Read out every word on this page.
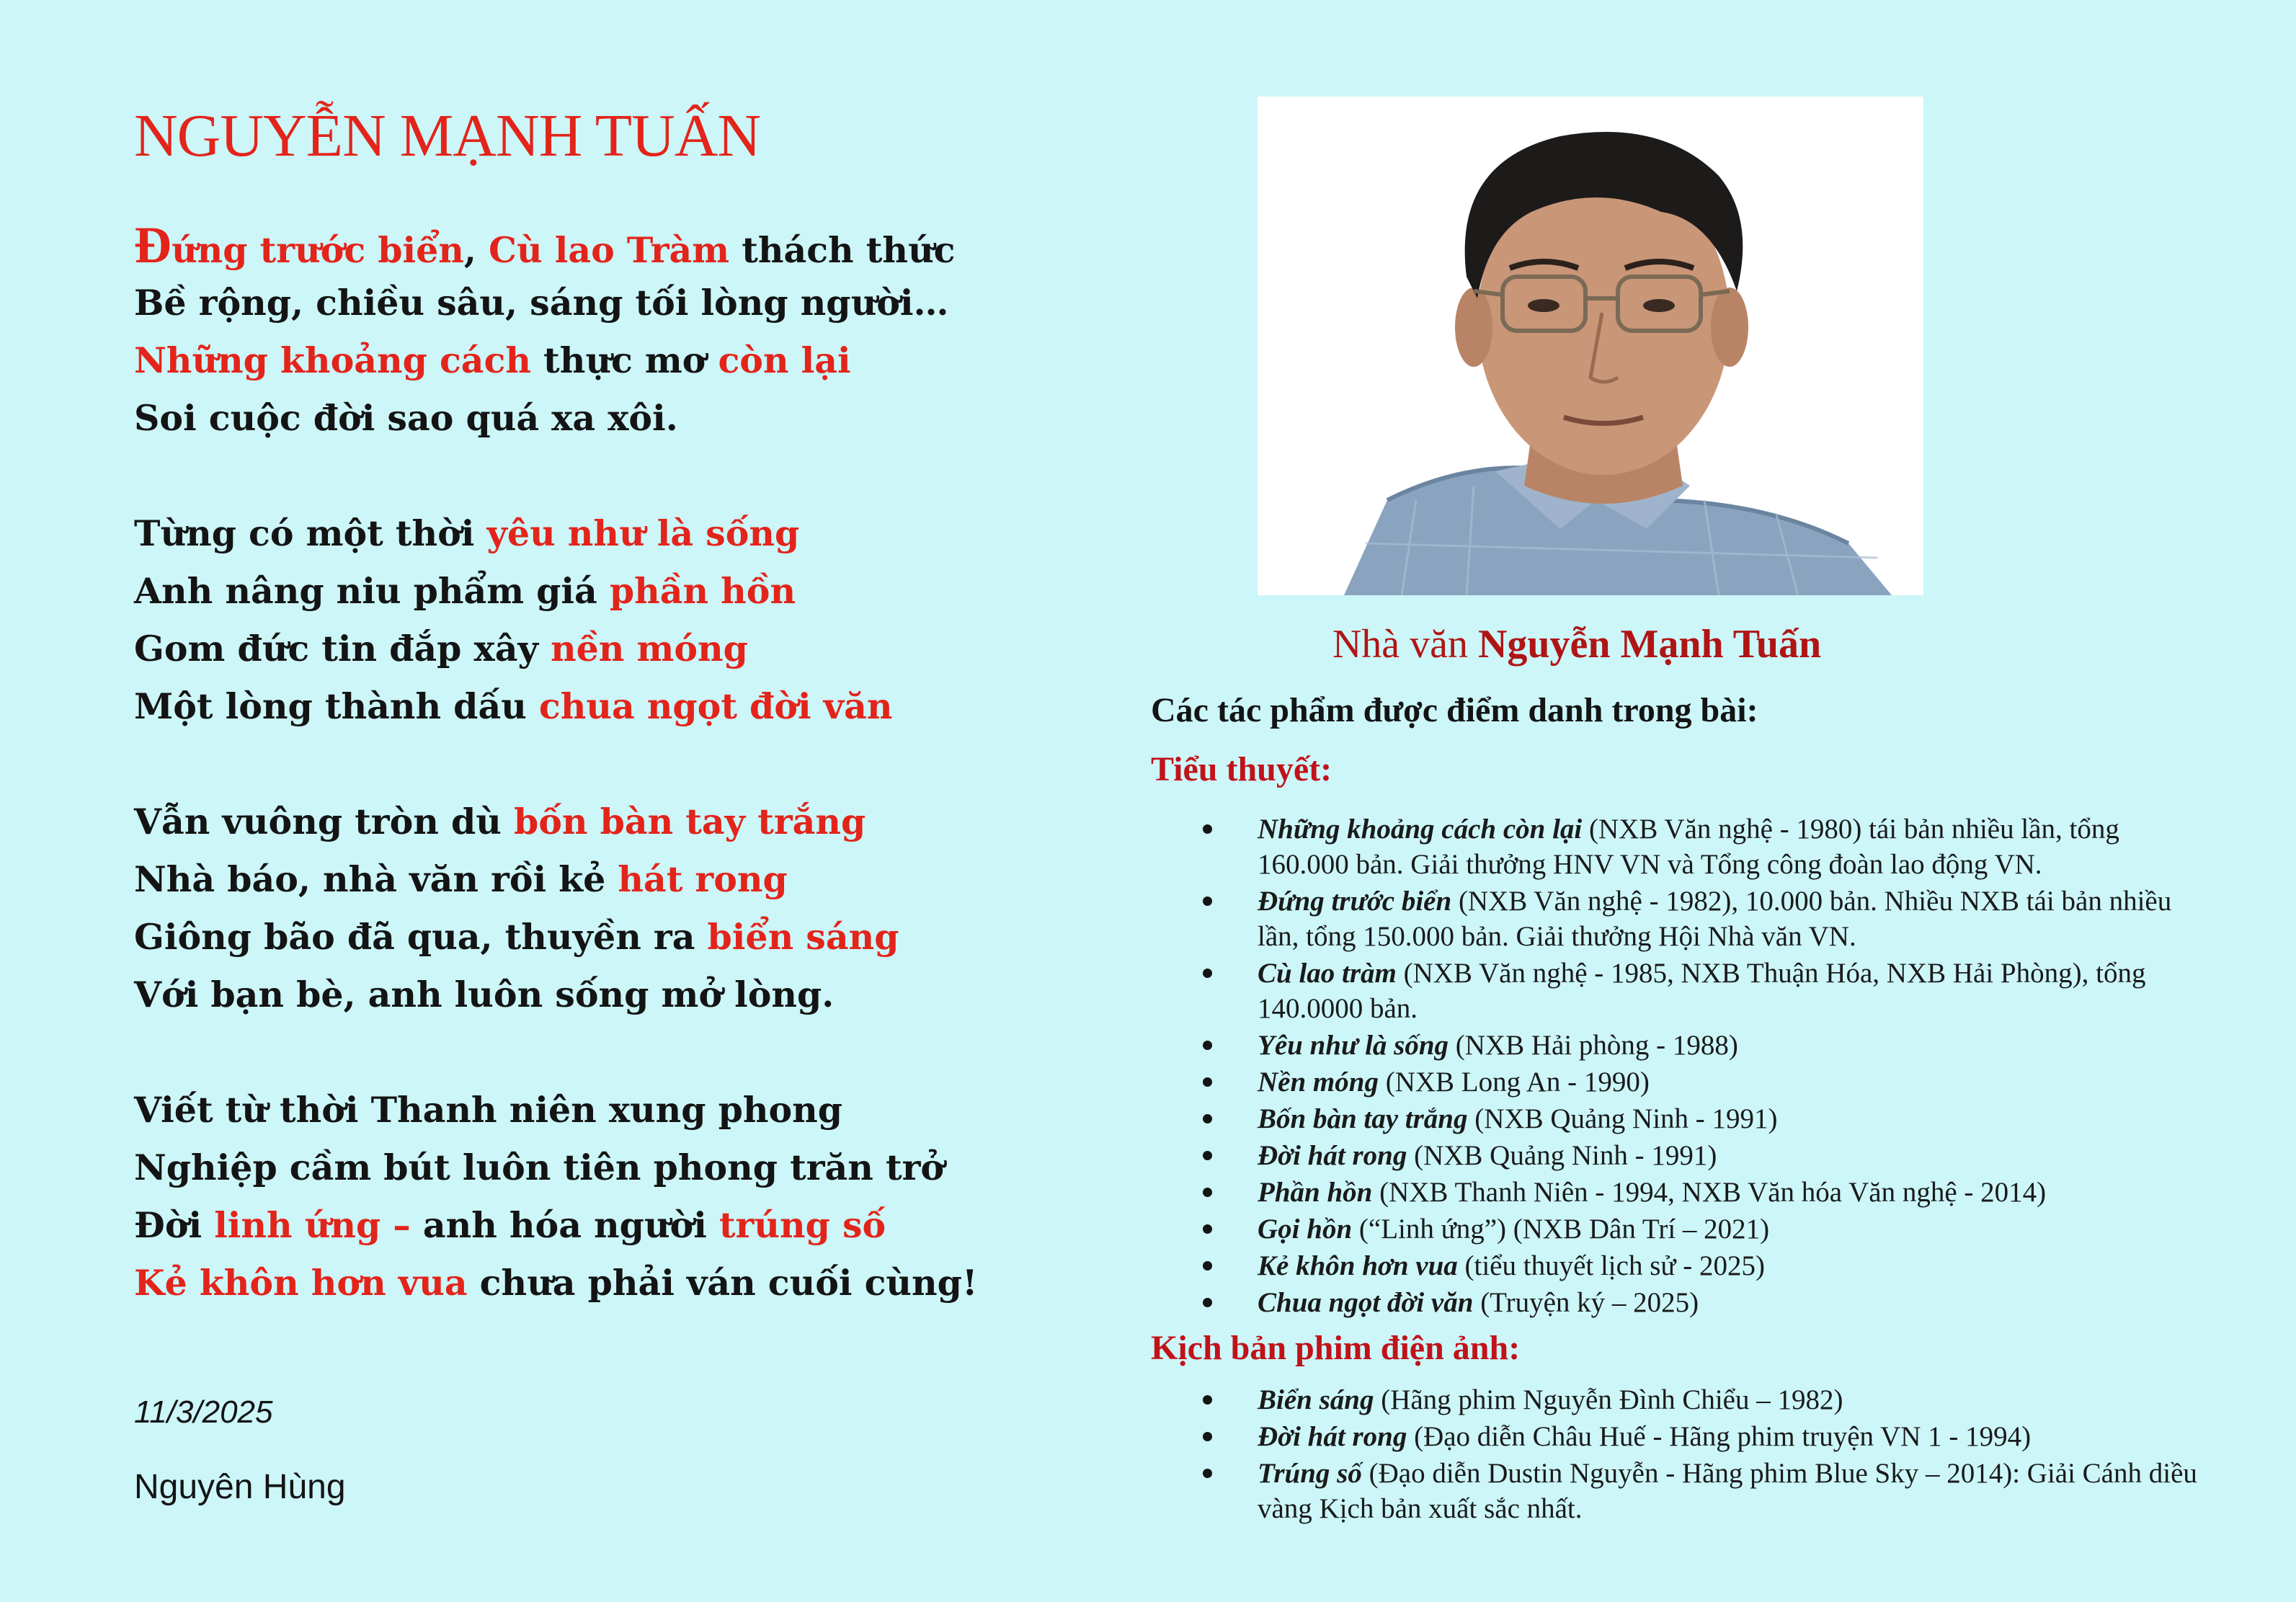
NGUYỄN MẠNH TUẤN
Đứng trước biển, Cù lao Tràm thách thức
Bề rộng, chiều sâu, sáng tối lòng người…
Những khoảng cách thực mơ còn lại
Soi cuộc đời sao quá xa xôi.
Từng có một thời yêu như là sống
Anh nâng niu phẩm giá phần hồn
Gom đức tin đắp xây nền móng
Một lòng thành dấu chua ngọt đời văn
Vẫn vuông tròn dù bốn bàn tay trắng
Nhà báo, nhà văn rồi kẻ hát rong
Giông bão đã qua, thuyền ra biển sáng
Với bạn bè, anh luôn sống mở lòng.
Viết từ thời Thanh niên xung phong
Nghiệp cầm bút luôn tiên phong trăn trở
Đời linh ứng – anh hóa người trúng số
Kẻ khôn hơn vua chưa phải ván cuối cùng!
11/3/2025
Nguyên Hùng
Nhà văn Nguyễn Mạnh Tuấn
Các tác phẩm được điểm danh trong bài:
Tiểu thuyết:
Những khoảng cách còn lại (NXB Văn nghệ - 1980) tái bản nhiều lần, tổng 160.000 bản. Giải thưởng HNV VN và Tổng công đoàn lao động VN.
Đứng trước biển (NXB Văn nghệ - 1982), 10.000 bản. Nhiều NXB tái bản nhiều lần, tổng 150.000 bản. Giải thưởng Hội Nhà văn VN.
Cù lao tràm (NXB Văn nghệ - 1985, NXB Thuận Hóa, NXB Hải Phòng), tổng 140.0000 bản.
Yêu như là sống (NXB Hải phòng - 1988)
Nền móng (NXB Long An - 1990)
Bốn bàn tay trắng (NXB Quảng Ninh - 1991)
Đời hát rong (NXB Quảng Ninh - 1991)
Phần hồn (NXB Thanh Niên - 1994, NXB Văn hóa Văn nghệ - 2014)
Gọi hồn (“Linh ứng”) (NXB Dân Trí – 2021)
Kẻ khôn hơn vua (tiểu thuyết lịch sử - 2025)
Chua ngọt đời văn (Truyện ký – 2025)
Kịch bản phim điện ảnh:
Biển sáng (Hãng phim Nguyễn Đình Chiểu – 1982)
Đời hát rong (Đạo diễn Châu Huế - Hãng phim truyện VN 1 - 1994)
Trúng số (Đạo diễn Dustin Nguyễn - Hãng phim Blue Sky – 2014): Giải Cánh diều vàng Kịch bản xuất sắc nhất.
